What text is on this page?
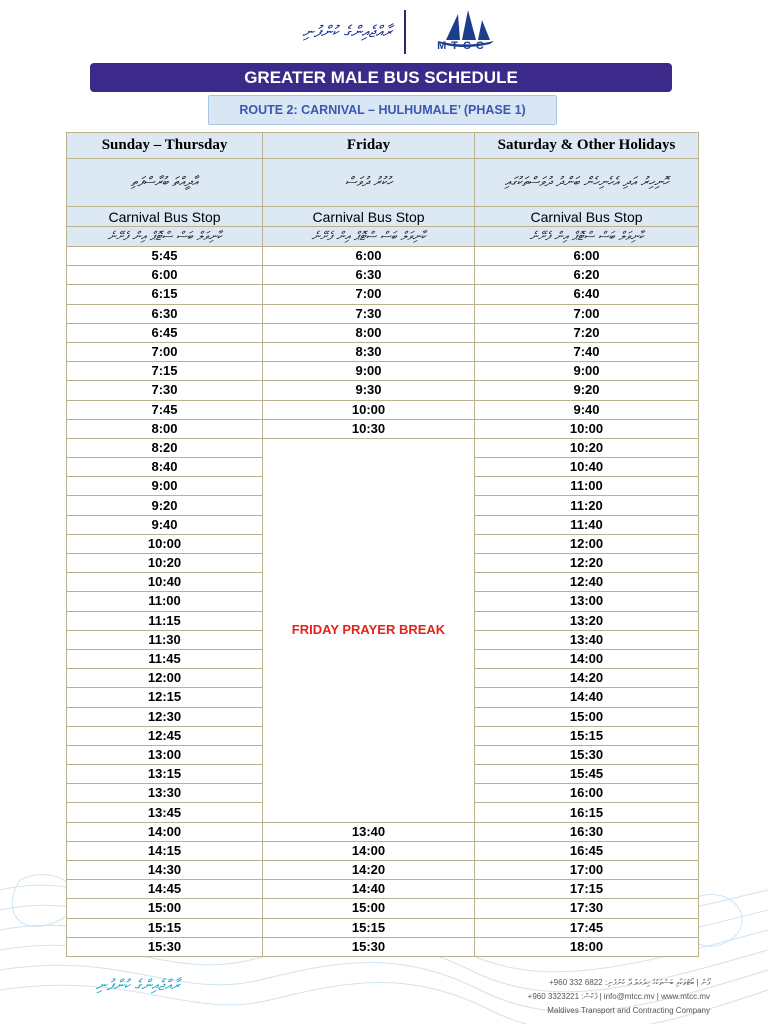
ރާއްޖެއިންގެ ކުންފުނި
MTCC
GREATER MALE BUS SCHEDULE
ROUTE 2: CARNIVAL – HULHUMALE’ (PHASE 1)
Sunday – Thursday	Friday	Saturday & Other Holidays
އާދީއްތަ ބުރާސްފަތި	ހުކުރު ދުވަސް	ހޮނިހިރު އަދި އެހެނިހެން ބަންދު ދުވަސްތަކުގައި
Carnival Bus Stop	Carnival Bus Stop	Carnival Bus Stop
ކާނިވަލް ބަސް ސްޓޮޕް އިން ފެށޭނެ	ކާނިވަލް ބަސް ސްޓޮޕް އިން ފެށޭނެ	ކާނިވަލް ބަސް ސްޓޮޕް އިން ފެށޭނެ
5:45	6:00	6:00
6:00	6:30	6:20
6:15	7:00	6:40
6:30	7:30	7:00
6:45	8:00	7:20
7:00	8:30	7:40
7:15	9:00	9:00
7:30	9:30	9:20
7:45	10:00	9:40
8:00	10:30	10:00
8:20	FRIDAY PRAYER BREAK	10:20
8:40		10:40
9:00		11:00
9:20		11:20
9:40		11:40
10:00		12:00
10:20		12:20
10:40		12:40
11:00		13:00
11:15		13:20
11:30		13:40
11:45		14:00
12:00		14:20
12:15		14:40
12:30		15:00
12:45		15:15
13:00		15:30
13:15		15:45
13:30		16:00
13:45		16:15
14:00	13:40	16:30
14:15	14:00	16:45
14:30	14:20	17:00
14:45	14:40	17:15
15:00	15:00	17:30
15:15	15:15	17:45
15:30	15:30	18:00
ރާއްޖެއިންގެ ކުންފުނި	+960 332 6822 :ފޯން | ބޯޓުތަކާއި ބަސްތަކުގެ ހިދުމަތް ދޭ ކުންފުނި
+960 3323221 :ފެކްސް | info@mtcc.mv | www.mtcc.mv
Maldives Transport and Contracting Company
